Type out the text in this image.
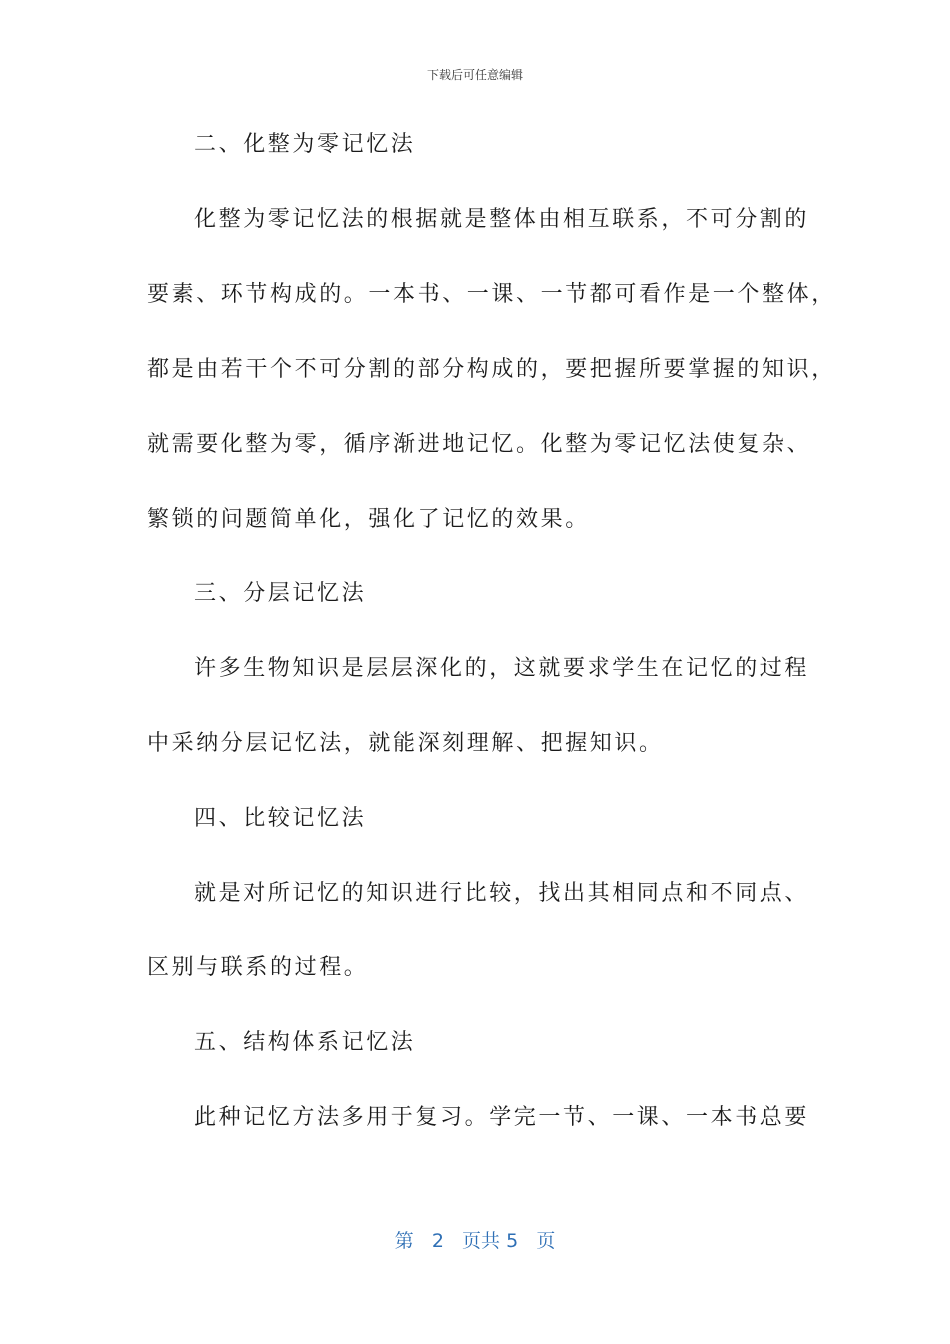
下载后可任意编辑
二、化整为零记忆法
化整为零记忆法的根据就是整体由相互联系，不可分割的
要素、环节构成的。一本书、一课、一节都可看作是一个整体，
都是由若干个不可分割的部分构成的，要把握所要掌握的知识，
就需要化整为零，循序渐进地记忆。化整为零记忆法使复杂、
繁锁的问题简单化，强化了记忆的效果。
三、分层记忆法
许多生物知识是层层深化的，这就要求学生在记忆的过程
中采纳分层记忆法，就能深刻理解、把握知识。
四、比较记忆法
就是对所记忆的知识进行比较，找出其相同点和不同点、
区别与联系的过程。
五、结构体系记忆法
此种记忆方法多用于复习。学完一节、一课、一本书总要
第 2 页共 5 页
